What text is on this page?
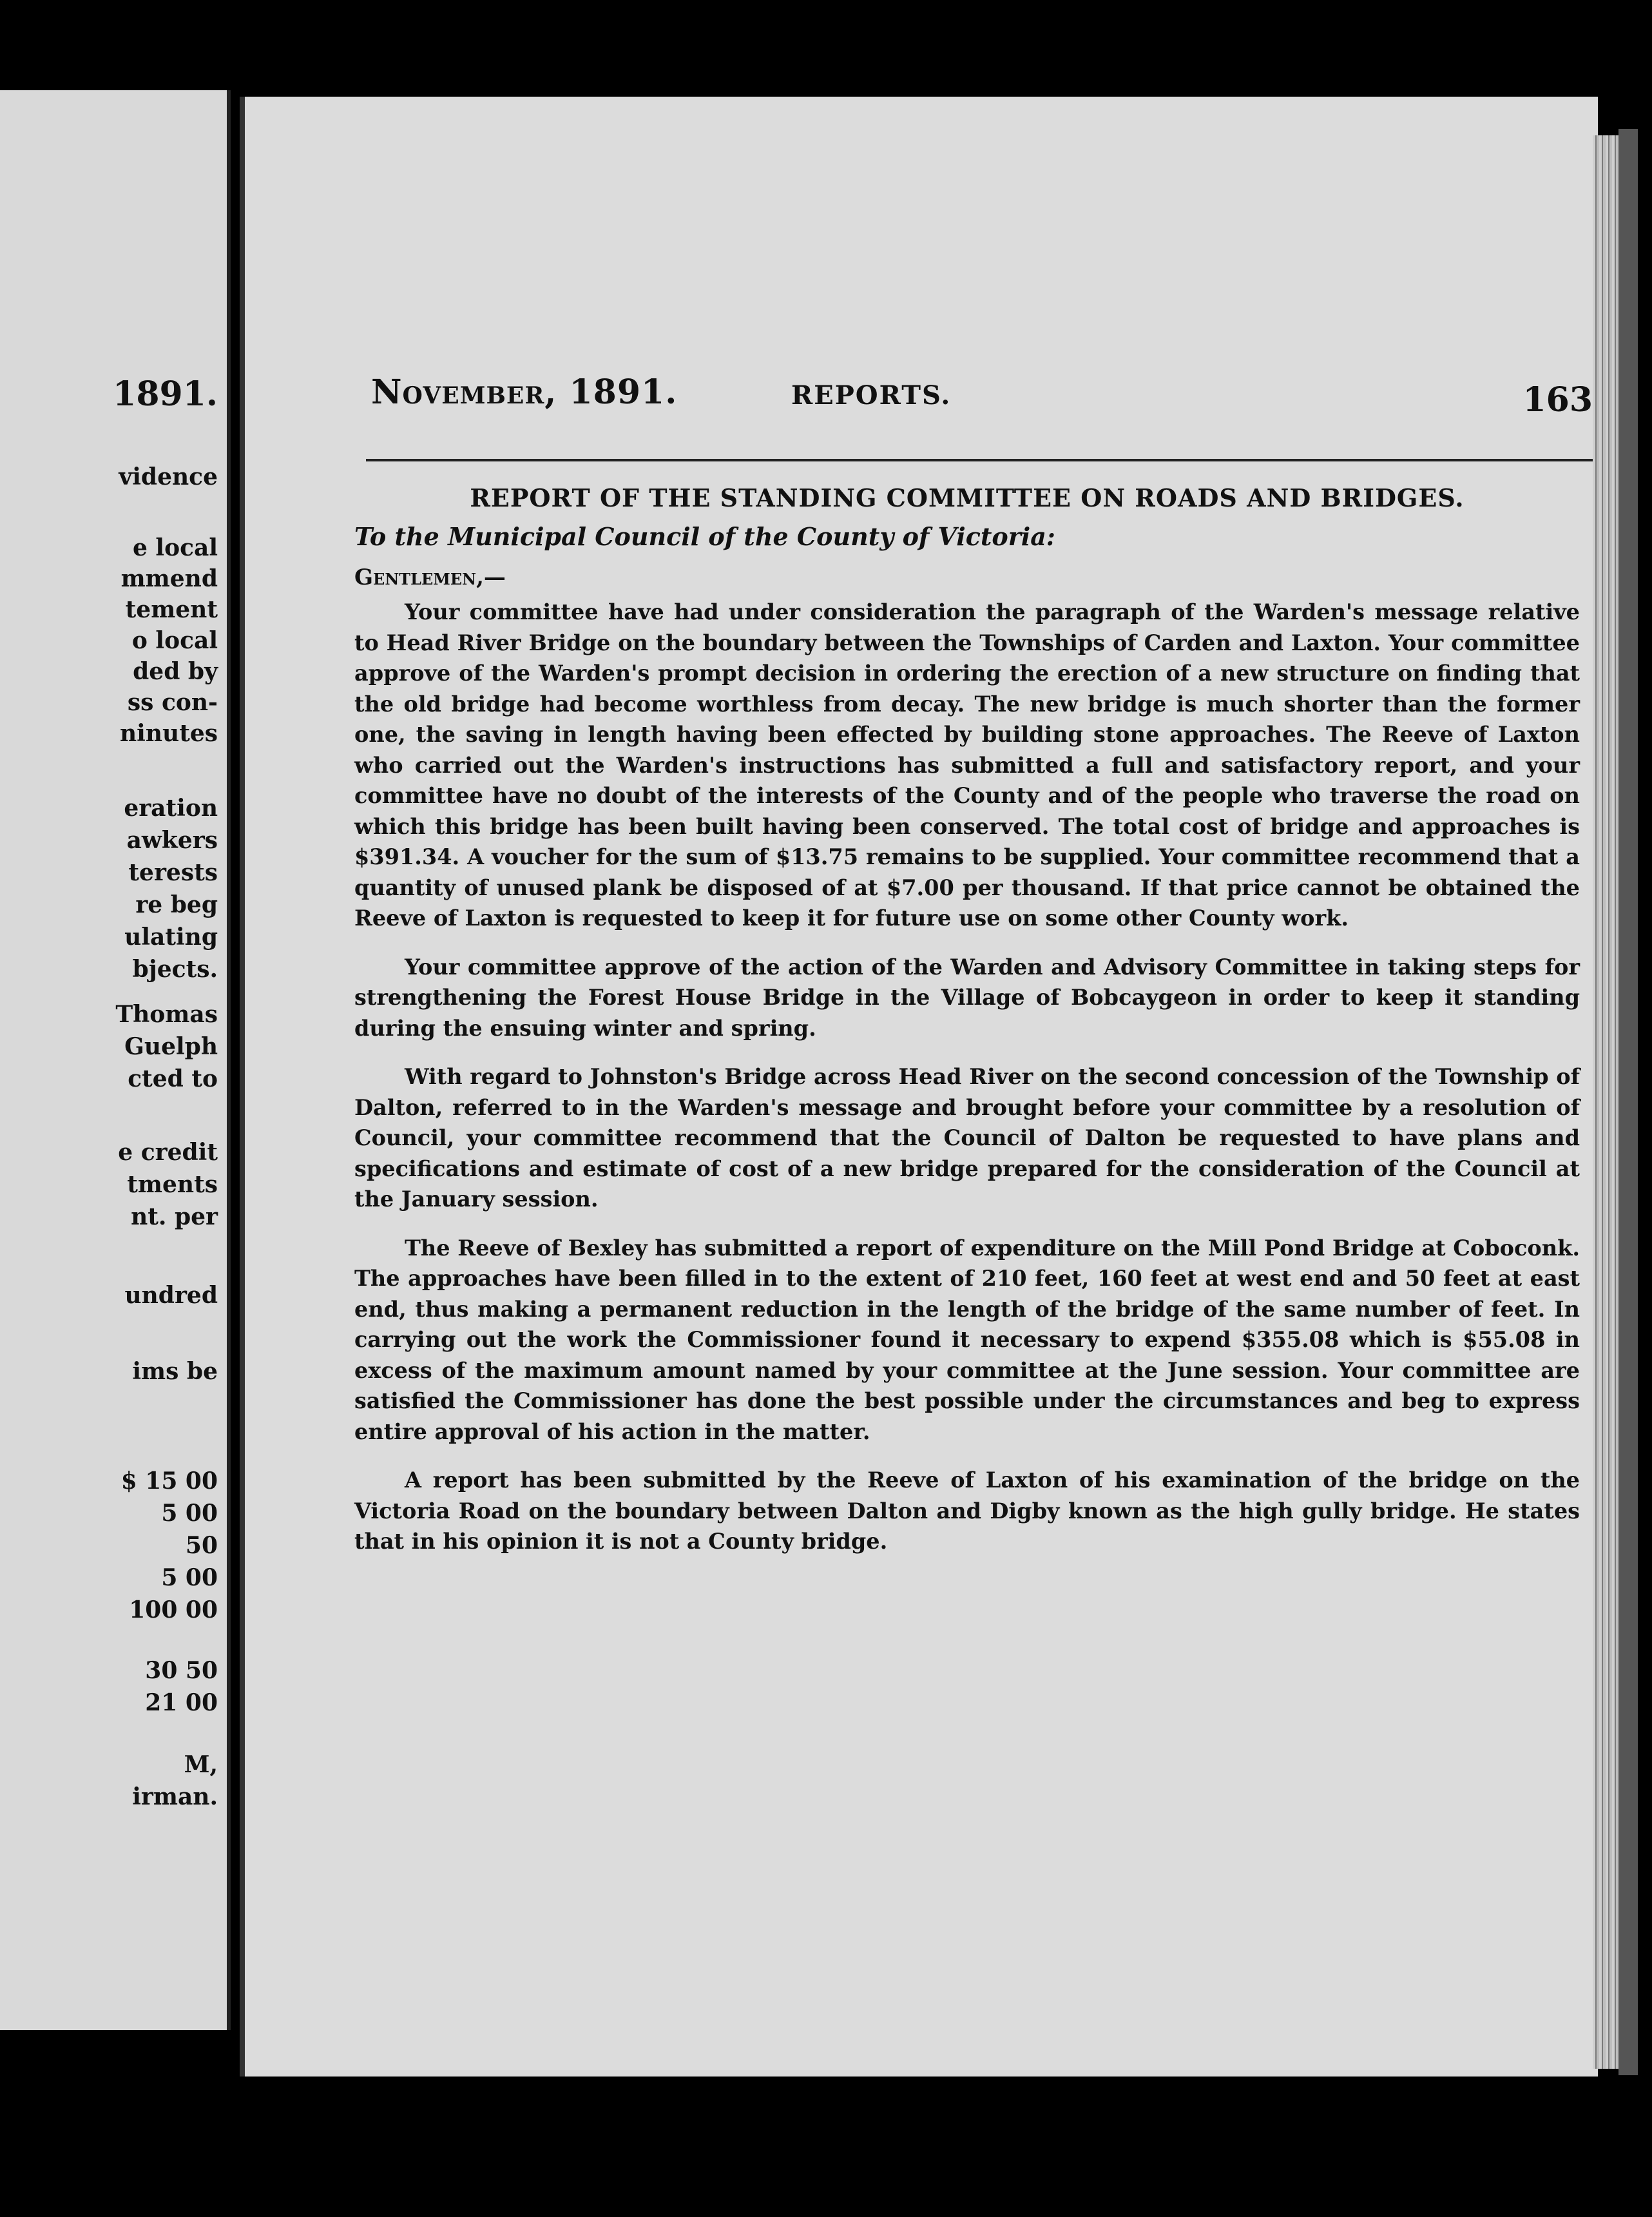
1891.
vidence
e local
mmend
tement
o local
ded by
ss con-
ninutes
eration
awkers
terests
re beg
ulating
bjects.
Thomas
Guelph
cted to
e credit
tments
nt. per
undred
ims be
$ 15 00
5 00
50
5 00
100 00
30 50
21 00
M,
irman.
November, 1891.	REPORTS.	163
REPORT OF THE STANDING COMMITTEE ON ROADS AND BRIDGES.
To the Municipal Council of the County of Victoria:
Gentlemen,—

Your committee have had under consideration the paragraph of the Warden's message relative to Head River Bridge on the boundary between the Townships of Carden and Laxton. Your committee approve of the Warden's prompt decision in ordering the erection of a new structure on finding that the old bridge had become worthless from decay. The new bridge is much shorter than the former one, the saving in length having been effected by building stone approaches. The Reeve of Laxton who carried out the Warden's instructions has submitted a full and satisfactory report, and your committee have no doubt of the interests of the County and of the people who traverse the road on which this bridge has been built having been conserved. The total cost of bridge and approaches is $391.34. A voucher for the sum of $13.75 remains to be supplied. Your committee recommend that a quantity of unused plank be disposed of at $7.00 per thousand. If that price cannot be obtained the Reeve of Laxton is requested to keep it for future use on some other County work.

Your committee approve of the action of the Warden and Advisory Committee in taking steps for strengthening the Forest House Bridge in the Village of Bobcaygeon in order to keep it standing during the ensuing winter and spring.

With regard to Johnston's Bridge across Head River on the second concession of the Township of Dalton, referred to in the Warden's message and brought before your committee by a resolution of Council, your committee recommend that the Council of Dalton be requested to have plans and specifications and estimate of cost of a new bridge prepared for the consideration of the Council at the January session.

The Reeve of Bexley has submitted a report of expenditure on the Mill Pond Bridge at Coboconk. The approaches have been filled in to the extent of 210 feet, 160 feet at west end and 50 feet at east end, thus making a permanent reduction in the length of the bridge of the same number of feet. In carrying out the work the Commissioner found it necessary to expend $355.08 which is $55.08 in excess of the maximum amount named by your committee at the June session. Your committee are satisfied the Commissioner has done the best possible under the circumstances and beg to express entire approval of his action in the matter.

A report has been submitted by the Reeve of Laxton of his examination of the bridge on the Victoria Road on the boundary between Dalton and Digby known as the high gully bridge. He states that in his opinion it is not a County bridge.
